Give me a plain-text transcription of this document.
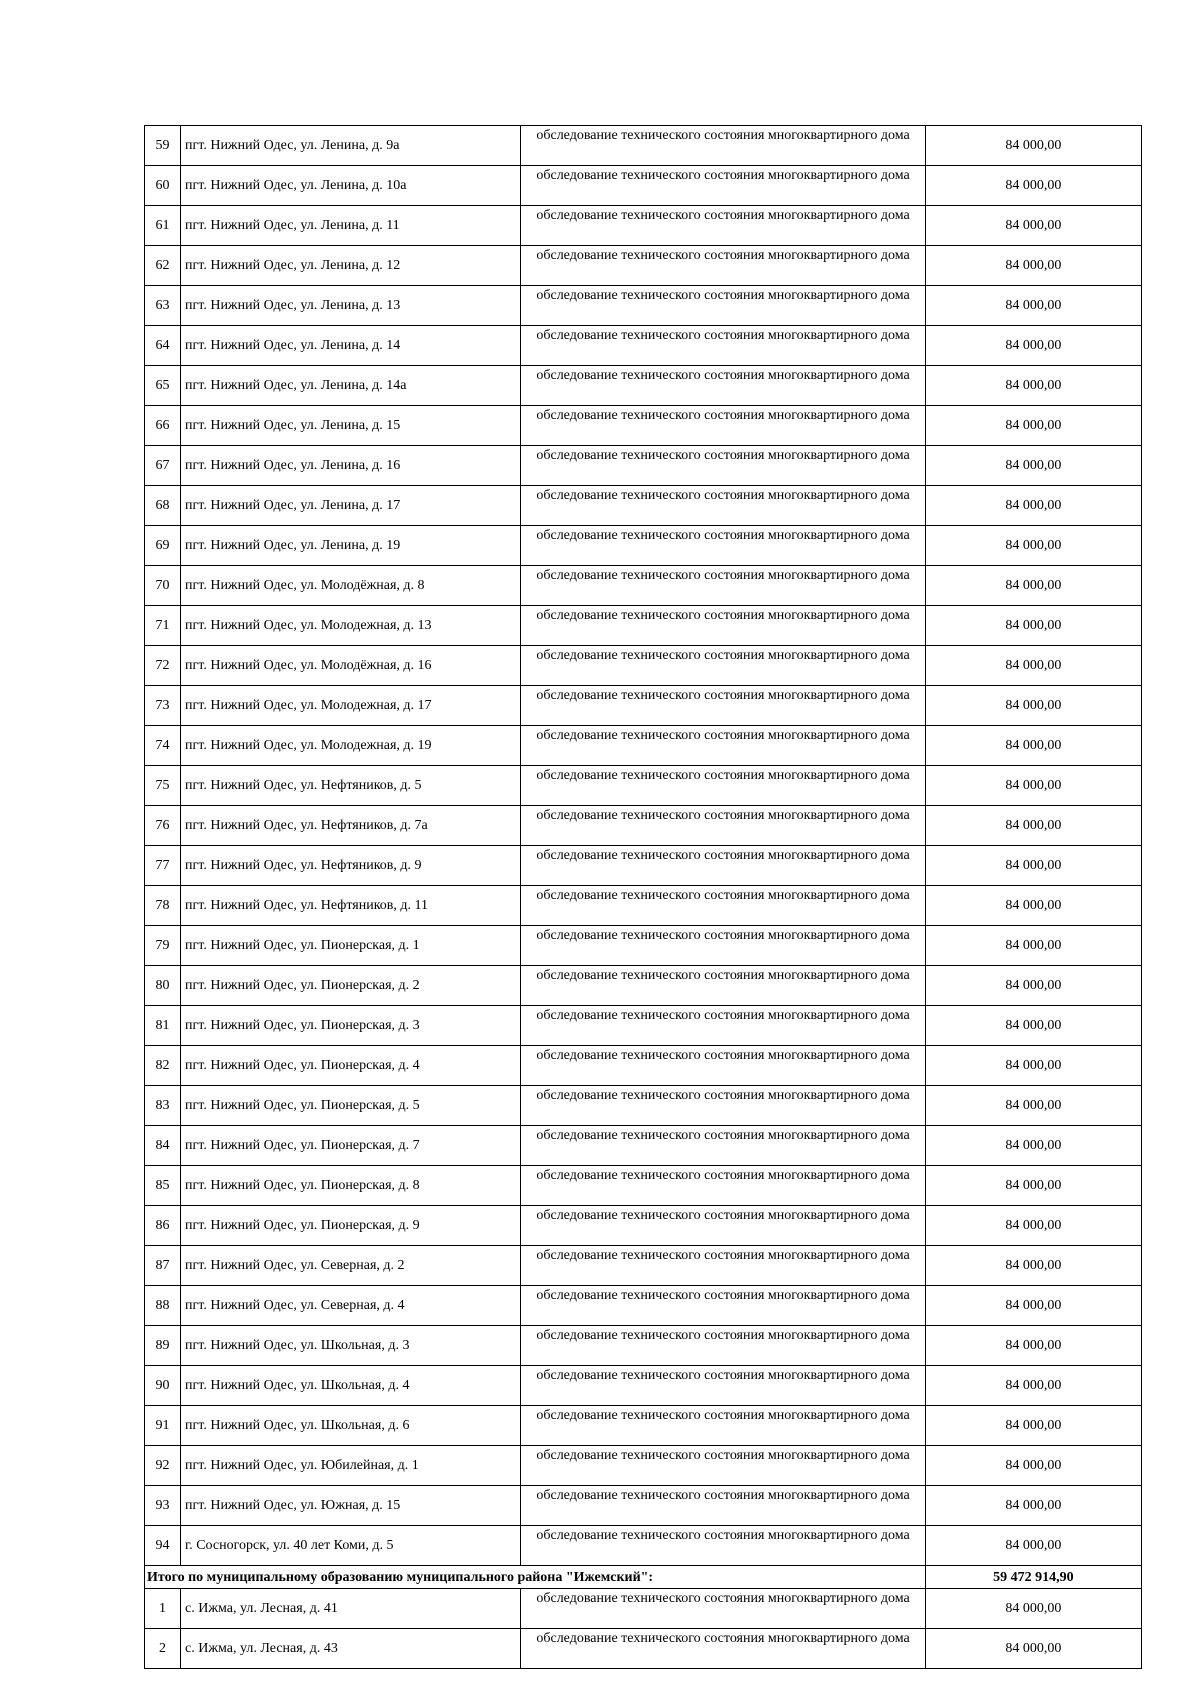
59	пгт. Нижний Одес, ул. Ленина, д. 9а	обследование технического состояния многоквартирного дома	84 000,00
60	пгт. Нижний Одес, ул. Ленина, д. 10а	обследование технического состояния многоквартирного дома	84 000,00
61	пгт. Нижний Одес, ул. Ленина, д. 11	обследование технического состояния многоквартирного дома	84 000,00
62	пгт. Нижний Одес, ул. Ленина, д. 12	обследование технического состояния многоквартирного дома	84 000,00
63	пгт. Нижний Одес, ул. Ленина, д. 13	обследование технического состояния многоквартирного дома	84 000,00
64	пгт. Нижний Одес, ул. Ленина, д. 14	обследование технического состояния многоквартирного дома	84 000,00
65	пгт. Нижний Одес, ул. Ленина, д. 14а	обследование технического состояния многоквартирного дома	84 000,00
66	пгт. Нижний Одес, ул. Ленина, д. 15	обследование технического состояния многоквартирного дома	84 000,00
67	пгт. Нижний Одес, ул. Ленина, д. 16	обследование технического состояния многоквартирного дома	84 000,00
68	пгт. Нижний Одес, ул. Ленина, д. 17	обследование технического состояния многоквартирного дома	84 000,00
69	пгт. Нижний Одес, ул. Ленина, д. 19	обследование технического состояния многоквартирного дома	84 000,00
70	пгт. Нижний Одес, ул. Молодёжная, д. 8	обследование технического состояния многоквартирного дома	84 000,00
71	пгт. Нижний Одес, ул. Молодежная, д. 13	обследование технического состояния многоквартирного дома	84 000,00
72	пгт. Нижний Одес, ул. Молодёжная, д. 16	обследование технического состояния многоквартирного дома	84 000,00
73	пгт. Нижний Одес, ул. Молодежная, д. 17	обследование технического состояния многоквартирного дома	84 000,00
74	пгт. Нижний Одес, ул. Молодежная, д. 19	обследование технического состояния многоквартирного дома	84 000,00
75	пгт. Нижний Одес, ул. Нефтяников, д. 5	обследование технического состояния многоквартирного дома	84 000,00
76	пгт. Нижний Одес, ул. Нефтяников, д. 7а	обследование технического состояния многоквартирного дома	84 000,00
77	пгт. Нижний Одес, ул. Нефтяников, д. 9	обследование технического состояния многоквартирного дома	84 000,00
78	пгт. Нижний Одес, ул. Нефтяников, д. 11	обследование технического состояния многоквартирного дома	84 000,00
79	пгт. Нижний Одес, ул. Пионерская, д. 1	обследование технического состояния многоквартирного дома	84 000,00
80	пгт. Нижний Одес, ул. Пионерская, д. 2	обследование технического состояния многоквартирного дома	84 000,00
81	пгт. Нижний Одес, ул. Пионерская, д. 3	обследование технического состояния многоквартирного дома	84 000,00
82	пгт. Нижний Одес, ул. Пионерская, д. 4	обследование технического состояния многоквартирного дома	84 000,00
83	пгт. Нижний Одес, ул. Пионерская, д. 5	обследование технического состояния многоквартирного дома	84 000,00
84	пгт. Нижний Одес, ул. Пионерская, д. 7	обследование технического состояния многоквартирного дома	84 000,00
85	пгт. Нижний Одес, ул. Пионерская, д. 8	обследование технического состояния многоквартирного дома	84 000,00
86	пгт. Нижний Одес, ул. Пионерская, д. 9	обследование технического состояния многоквартирного дома	84 000,00
87	пгт. Нижний Одес, ул. Северная, д. 2	обследование технического состояния многоквартирного дома	84 000,00
88	пгт. Нижний Одес, ул. Северная, д. 4	обследование технического состояния многоквартирного дома	84 000,00
89	пгт. Нижний Одес, ул. Школьная, д. 3	обследование технического состояния многоквартирного дома	84 000,00
90	пгт. Нижний Одес, ул. Школьная, д. 4	обследование технического состояния многоквартирного дома	84 000,00
91	пгт. Нижний Одес, ул. Школьная, д. 6	обследование технического состояния многоквартирного дома	84 000,00
92	пгт. Нижний Одес, ул. Юбилейная, д. 1	обследование технического состояния многоквартирного дома	84 000,00
93	пгт. Нижний Одес, ул. Южная, д. 15	обследование технического состояния многоквартирного дома	84 000,00
94	г. Сосногорск, ул. 40 лет Коми, д. 5	обследование технического состояния многоквартирного дома	84 000,00
Итого по муниципальному образованию муниципального района "Ижемский":			59 472 914,90
1	с. Ижма, ул. Лесная, д. 41	обследование технического состояния многоквартирного дома	84 000,00
2	с. Ижма, ул. Лесная, д. 43	обследование технического состояния многоквартирного дома	84 000,00
